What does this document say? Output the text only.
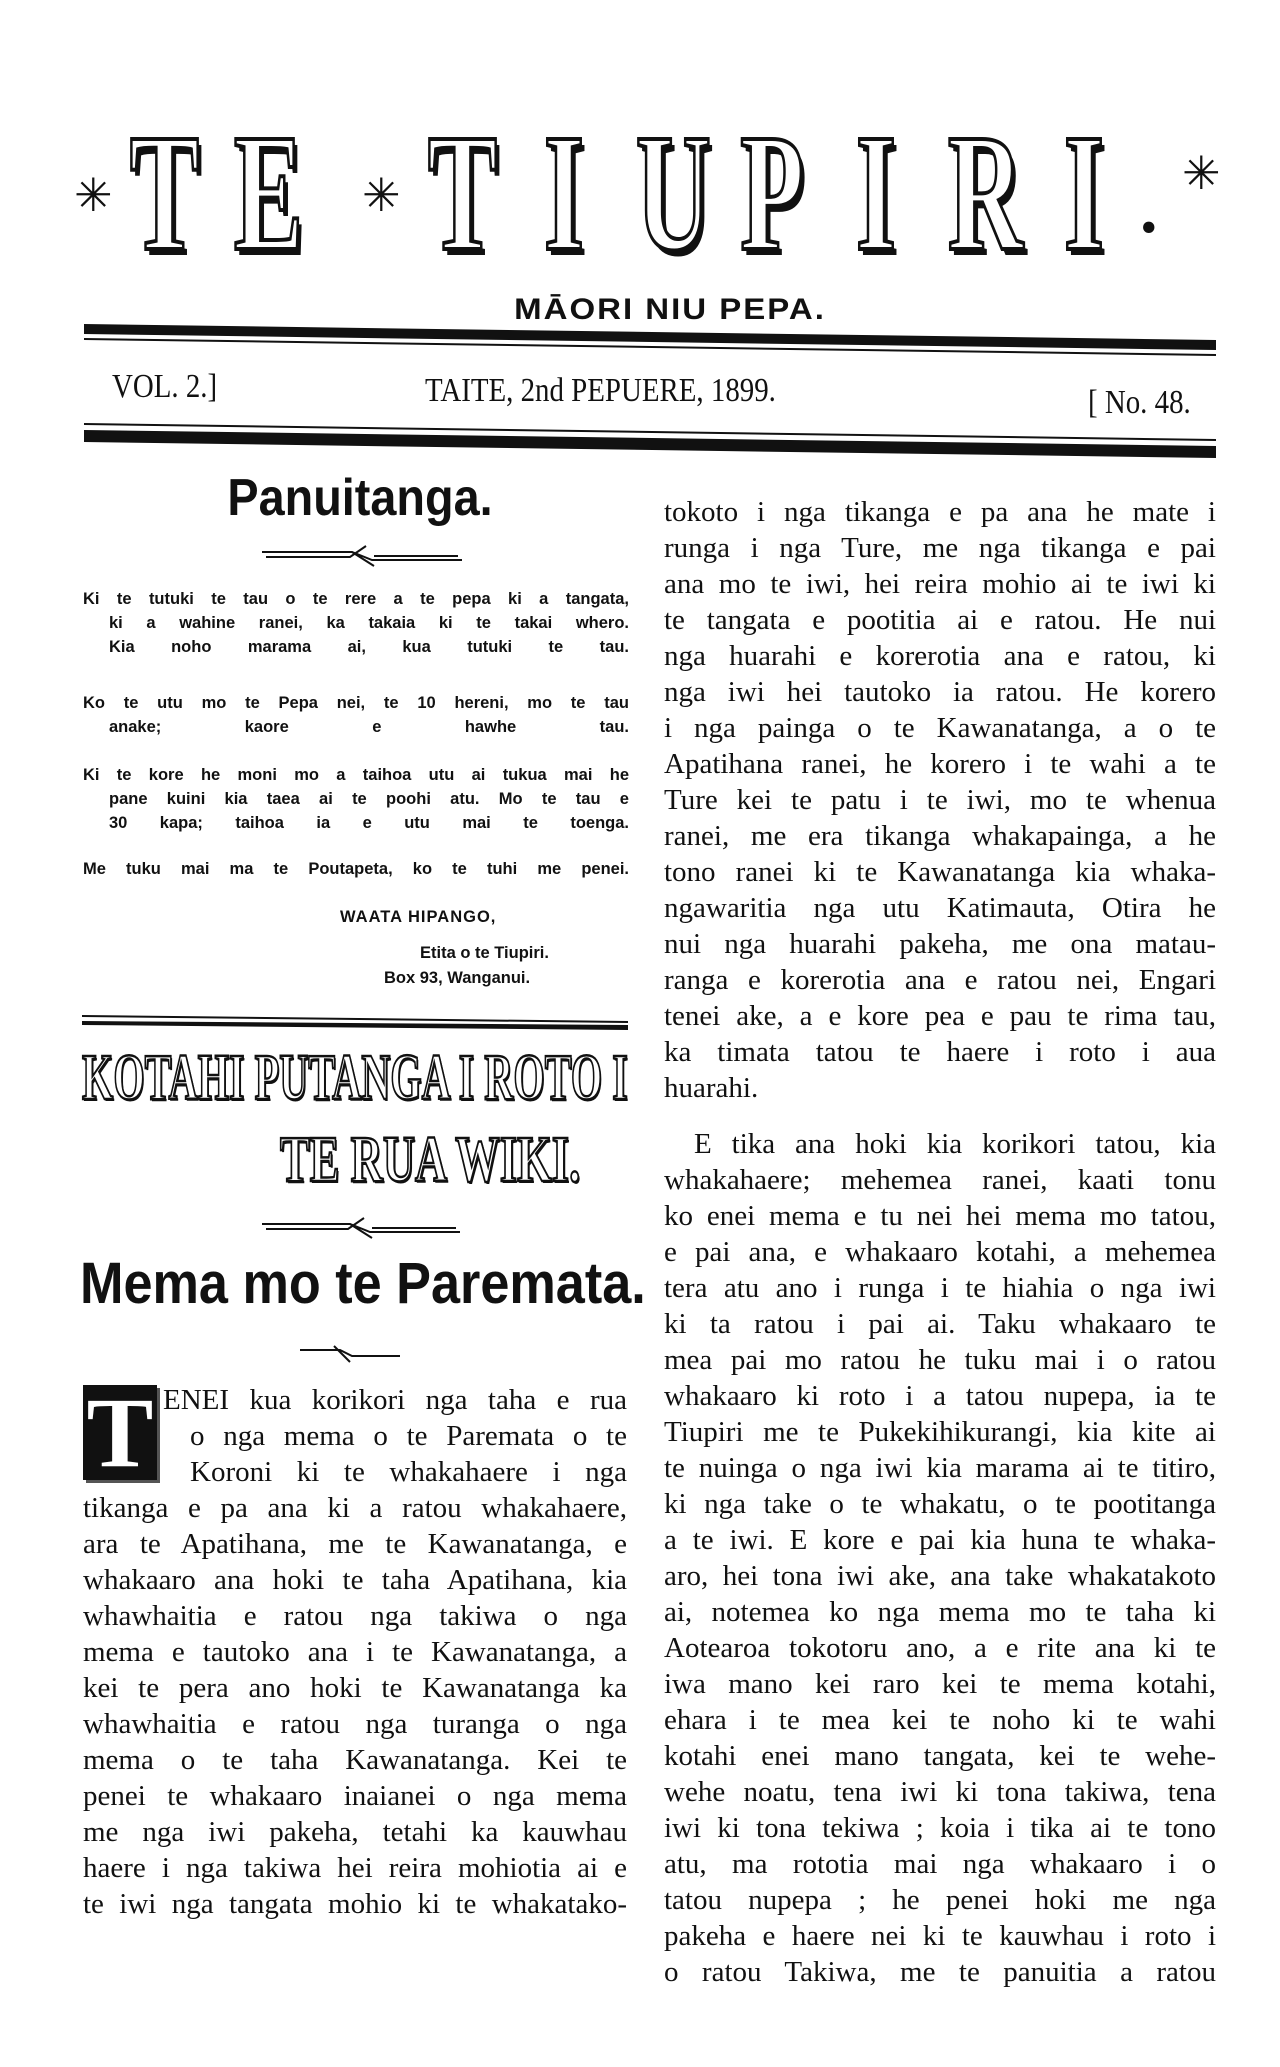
✳ T E ✳ T I U P I R I . ✳
MĀORI NIU PEPA.
VOL. 2.]	TAITE, 2nd PEPUERE, 1899.	[ No. 48.
Panuitanga.
Ki te tutuki te tau o te rere a te pepa ki a tangata,
ki a wahine ranei, ka takaia ki te takai whero.
Kia noho marama ai, kua tutuki te tau.
Ko te utu mo te Pepa nei, te 10 hereni, mo te tau
anake; kaore e hawhe tau.
Ki te kore he moni mo a taihoa utu ai tukua mai he
pane kuini kia taea ai te poohi atu. Mo te tau e
30 kapa; taihoa ia e utu mai te toenga.
Me tuku mai ma te Poutapeta, ko te tuhi me penei.
WAATA HIPANGO,
Etita o te Tiupiri.
Box 93, Wanganui.
KOTAHI PUTANGA I ROTO I
TE RUA WIKI.
Mema mo te Paremata.
T ENEI kua korikori nga taha e rua
o nga mema o te Paremata o te
Koroni ki te whakahaere i nga
tikanga e pa ana ki a ratou whakahaere,
ara te Apatihana, me te Kawanatanga, e
whakaaro ana hoki te taha Apatihana, kia
whawhaitia e ratou nga takiwa o nga
mema e tautoko ana i te Kawanatanga, a
kei te pera ano hoki te Kawanatanga ka
whawhaitia e ratou nga turanga o nga
mema o te taha Kawanatanga. Kei te
penei te whakaaro inaianei o nga mema
me nga iwi pakeha, tetahi ka kauwhau
haere i nga takiwa hei reira mohiotia ai e
te iwi nga tangata mohio ki te whakatako-
tokoto i nga tikanga e pa ana he mate i
runga i nga Ture, me nga tikanga e pai
ana mo te iwi, hei reira mohio ai te iwi ki
te tangata e pootitia ai e ratou. He nui
nga huarahi e korerotia ana e ratou, ki
nga iwi hei tautoko ia ratou. He korero
i nga painga o te Kawanatanga, a o te
Apatihana ranei, he korero i te wahi a te
Ture kei te patu i te iwi, mo te whenua
ranei, me era tikanga whakapainga, a he
tono ranei ki te Kawanatanga kia whaka-
ngawaritia nga utu Katimauta, Otira he
nui nga huarahi pakeha, me ona matau-
ranga e korerotia ana e ratou nei, Engari
tenei ake, a e kore pea e pau te rima tau,
ka timata tatou te haere i roto i aua
huarahi.
E tika ana hoki kia korikori tatou, kia
whakahaere; mehemea ranei, kaati tonu
ko enei mema e tu nei hei mema mo tatou,
e pai ana, e whakaaro kotahi, a mehemea
tera atu ano i runga i te hiahia o nga iwi
ki ta ratou i pai ai. Taku whakaaro te
mea pai mo ratou he tuku mai i o ratou
whakaaro ki roto i a tatou nupepa, ia te
Tiupiri me te Pukekihikurangi, kia kite ai
te nuinga o nga iwi kia marama ai te titiro,
ki nga take o te whakatu, o te pootitanga
a te iwi. E kore e pai kia huna te whaka-
aro, hei tona iwi ake, ana take whakatakoto
ai, notemea ko nga mema mo te taha ki
Aotearoa tokotoru ano, a e rite ana ki te
iwa mano kei raro kei te mema kotahi,
ehara i te mea kei te noho ki te wahi
kotahi enei mano tangata, kei te wehe-
wehe noatu, tena iwi ki tona takiwa, tena
iwi ki tona tekiwa ; koia i tika ai te tono
atu, ma rototia mai nga whakaaro i o
tatou nupepa ; he penei hoki me nga
pakeha e haere nei ki te kauwhau i roto i
o ratou Takiwa, me te panuitia a ratou
